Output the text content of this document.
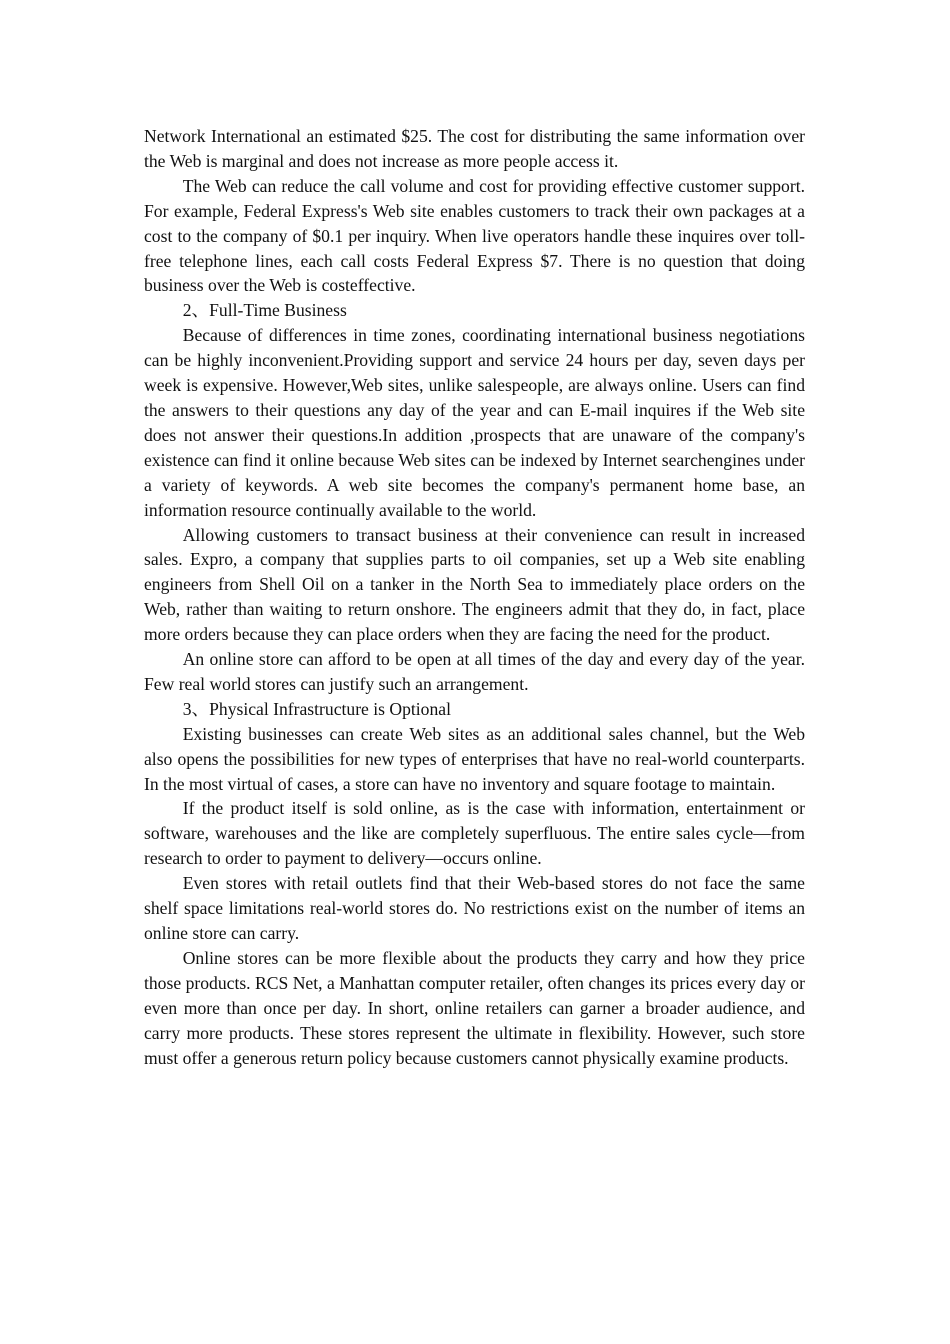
Network International an estimated $25. The cost for distributing the same information over the Web is marginal and does not increase as more people access it.

The Web can reduce the call volume and cost for providing effective customer support. For example, Federal Express's Web site enables customers to track their own packages at a cost to the company of $0.1 per inquiry. When live operators handle these inquires over toll-free telephone lines, each call costs Federal Express $7. There is no question that doing business over the Web is costeffective.

2、Full-Time Business

Because of differences in time zones, coordinating international business negotiations can be highly inconvenient.Providing support and service 24 hours per day, seven days per week is expensive. However,Web sites, unlike salespeople, are always online. Users can find the answers to their questions any day of the year and can E-mail inquires if the Web site does not answer their questions.In addition ,prospects that are unaware of the company's existence can find it online because Web sites can be indexed by Internet searchengines under a variety of keywords. A web site becomes the company's permanent home base, an information resource continually available to the world.

Allowing customers to transact business at their convenience can result in increased sales. Expro, a company that supplies parts to oil companies, set up a Web site enabling engineers from Shell Oil on a tanker in the North Sea to immediately place orders on the Web, rather than waiting to return onshore. The engineers admit that they do, in fact, place more orders because they can place orders when they are facing the need for the product.

An online store can afford to be open at all times of the day and every day of the year. Few real world stores can justify such an arrangement.

3、Physical Infrastructure is Optional

Existing businesses can create Web sites as an additional sales channel, but the Web also opens the possibilities for new types of enterprises that have no real-world counterparts. In the most virtual of cases, a store can have no inventory and square footage to maintain.

If the product itself is sold online, as is the case with information, entertainment or software, warehouses and the like are completely superfluous. The entire sales cycle—from research to order to payment to delivery—occurs online.

Even stores with retail outlets find that their Web-based stores do not face the same shelf space limitations real-world stores do. No restrictions exist on the number of items an online store can carry.

Online stores can be more flexible about the products they carry and how they price those products. RCS Net, a Manhattan computer retailer, often changes its prices every day or even more than once per day. In short, online retailers can garner a broader audience, and carry more products. These stores represent the ultimate in flexibility. However, such store must offer a generous return policy because customers cannot physically examine products.
